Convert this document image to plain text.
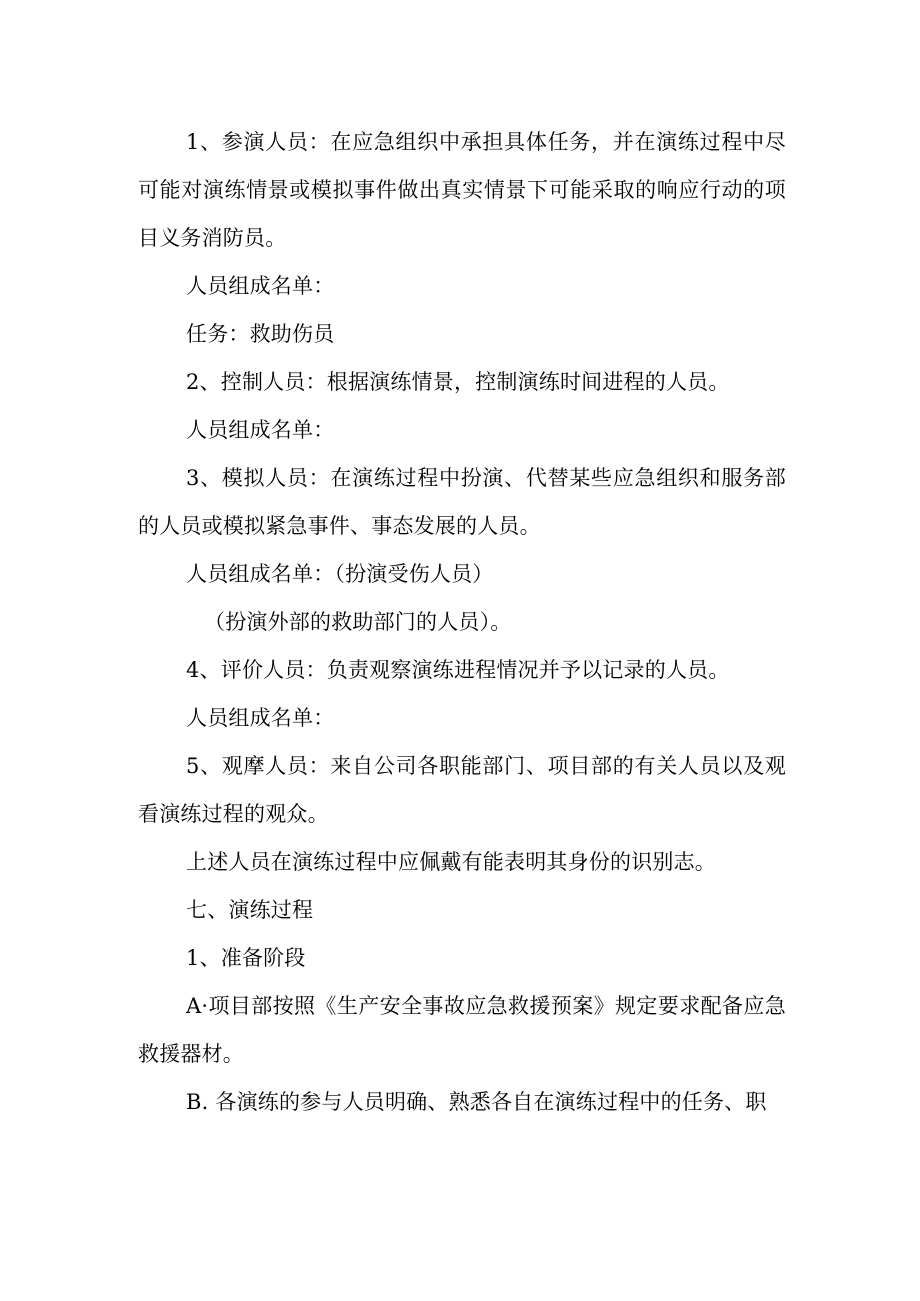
1、参演人员：在应急组织中承担具体任务，并在演练过程中尽可能对演练情景或模拟事件做出真实情景下可能采取的响应行动的项目义务消防员。

人员组成名单：

任务：救助伤员

2、控制人员：根据演练情景，控制演练时间进程的人员。

人员组成名单：

3、模拟人员：在演练过程中扮演、代替某些应急组织和服务部的人员或模拟紧急事件、事态发展的人员。

人员组成名单：（扮演受伤人员）

（扮演外部的救助部门的人员）。

4、评价人员：负责观察演练进程情况并予以记录的人员。

人员组成名单：

5、观摩人员：来自公司各职能部门、项目部的有关人员以及观看演练过程的观众。

上述人员在演练过程中应佩戴有能表明其身份的识别志。

七、演练过程

1、准备阶段

A·项目部按照《生产安全事故应急救援预案》规定要求配备应急救援器材。

B. 各演练的参与人员明确、熟悉各自在演练过程中的任务、职
